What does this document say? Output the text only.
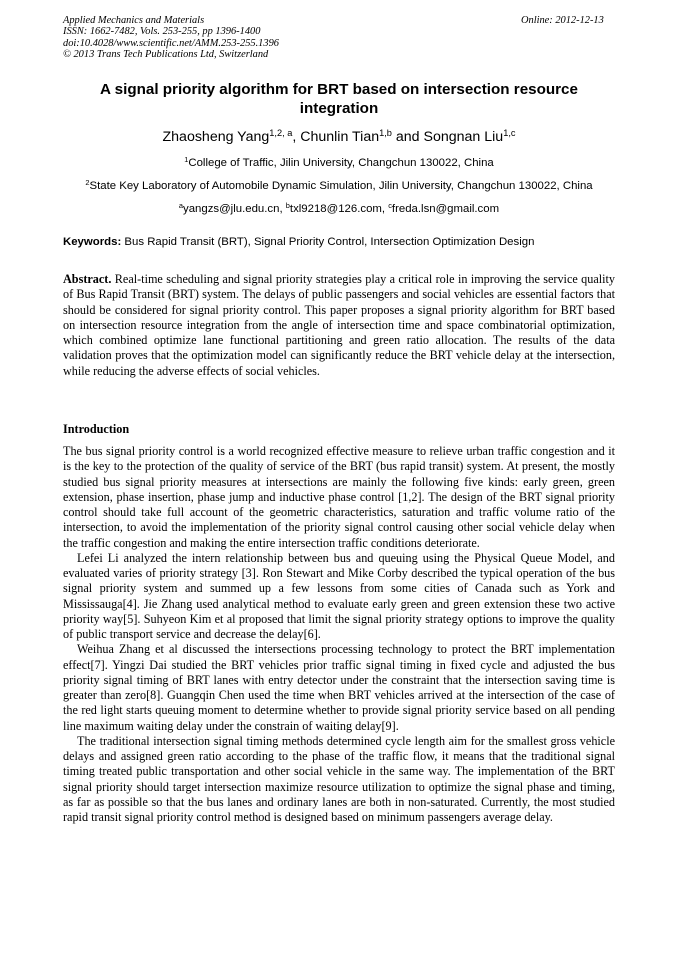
Applied Mechanics and Materials
ISSN: 1662-7482, Vols. 253-255, pp 1396-1400
doi:10.4028/www.scientific.net/AMM.253-255.1396
© 2013 Trans Tech Publications Ltd, Switzerland
Online: 2012-12-13
A signal priority algorithm for BRT based on intersection resource integration
Zhaosheng Yang$^{1,2, a}$, Chunlin Tian$^{1,b}$ and Songnan Liu$^{1,c}$
$^1$College of Traffic, Jilin University, Changchun 130022, China
$^2$State Key Laboratory of Automobile Dynamic Simulation, Jilin University, Changchun 130022, China
$^a$yangzs@jlu.edu.cn, $^b$txl9218@126.com, $^c$freda.lsn@gmail.com
Keywords: Bus Rapid Transit (BRT), Signal Priority Control, Intersection Optimization Design

Abstract. Real-time scheduling and signal priority strategies play a critical role in improving the service quality of Bus Rapid Transit (BRT) system. The delays of public passengers and social vehicles are essential factors that should be considered for signal priority control. This paper proposes a signal priority algorithm for BRT based on intersection resource integration from the angle of intersection time and space combinatorial optimization, which combined optimize lane functional partitioning and green ratio allocation. The results of the data validation proves that the optimization model can significantly reduce the BRT vehicle delay at the intersection, while reducing the adverse effects of social vehicles.

Introduction

The bus signal priority control is a world recognized effective measure to relieve urban traffic congestion and it is the key to the protection of the quality of service of the BRT (bus rapid transit) system. At present, the mostly studied bus signal priority measures at intersections are mainly the following five kinds: early green, green extension, phase insertion, phase jump and inductive phase control [1,2]. The design of the BRT signal priority control should take full account of the geometric characteristics, saturation and traffic volume ratio of the intersection, to avoid the implementation of the priority signal control causing other social vehicle delay when the traffic congestion and making the entire intersection traffic conditions deteriorate.

Lefei Li analyzed the intern relationship between bus and queuing using the Physical Queue Model, and evaluated varies of priority strategy [3]. Ron Stewart and Mike Corby described the typical operation of the bus signal priority system and summed up a few lessons from some cities of Canada such as York and Mississauga[4]. Jie Zhang used analytical method to evaluate early green and green extension these two active priority way[5]. Suhyeon Kim et al proposed that limit the signal priority strategy options to improve the quality of public transport service and decrease the delay[6].

Weihua Zhang et al discussed the intersections processing technology to protect the BRT implementation effect[7]. Yingzi Dai studied the BRT vehicles prior traffic signal timing in fixed cycle and adjusted the bus priority signal timing of BRT lanes with entry detector under the constraint that the intersection saving time is greater than zero[8]. Guangqin Chen used the time when BRT vehicles arrived at the intersection of the case of the red light starts queuing moment to determine whether to provide signal priority service based on all pending line maximum waiting delay under the constrain of waiting delay[9].

The traditional intersection signal timing methods determined cycle length aim for the smallest gross vehicle delays and assigned green ratio according to the phase of the traffic flow, it means that the traditional signal timing treated public transportation and other social vehicle in the same way. The implementation of the BRT signal priority should target intersection maximize resource utilization to optimize the signal phase and timing, as far as possible so that the bus lanes and ordinary lanes are both in non-saturated. Currently, the most studied rapid transit signal priority control method is designed based on minimum passengers average delay.
